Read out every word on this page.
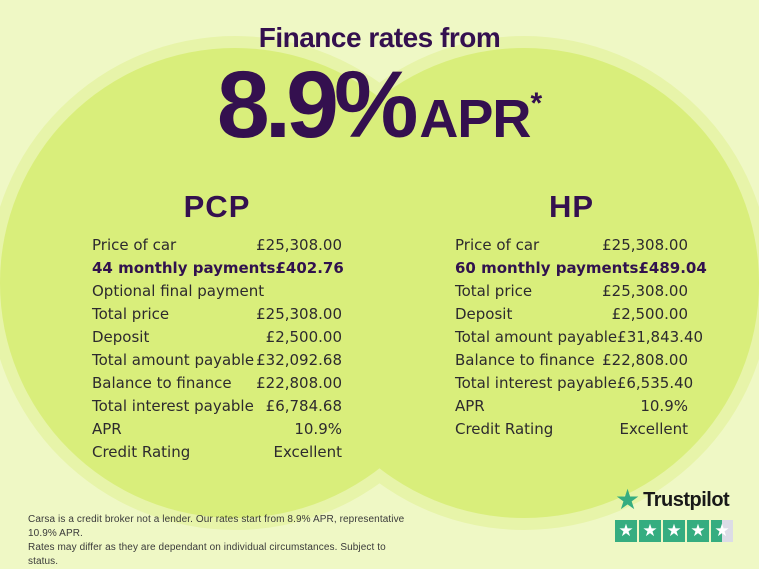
Finance rates from
8.9% APR*
PCP
Price of car	£25,308.00
44 monthly payments £402.76
Optional final payment
Total price	£25,308.00
Deposit	£2,500.00
Total amount payable £32,092.68
Balance to finance £22,808.00
Total interest payable £6,784.68
APR	10.9%
Credit Rating	Excellent
HP
Price of car	£25,308.00
60 monthly payments £489.04
Total price	£25,308.00
Deposit	£2,500.00
Total amount payable £31,843.40
Balance to finance £22,808.00
Total interest payable £6,535.40
APR	10.9%
Credit Rating	Excellent
Carsa is a credit broker not a lender. Our rates start from 8.9% APR, representative 10.9% APR.
Rates may differ as they are dependant on individual circumstances. Subject to status.
★ Trustpilot
★ ★ ★ ★ ★
